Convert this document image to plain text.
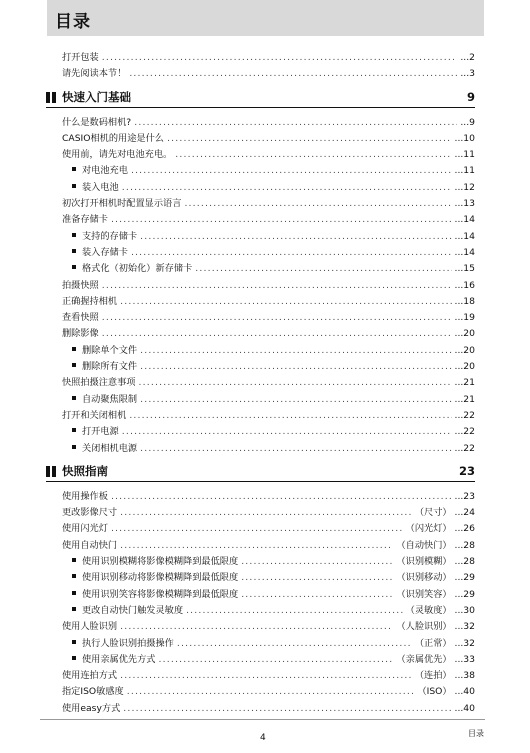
目录
打开包装 .....	...2
请先阅读本节！ .....	...3
快速入门基础	9
什么是数码相机? .....	...9
CASIO相机的用途是什么 .....	...10
使用前，请先对电池充电。 .....	...11
对电池充电 .....	...11
装入电池 .....	...12
初次打开相机时配置显示语言 .....	...13
准备存储卡 .....	...14
支持的存储卡 .....	...14
装入存储卡 .....	...14
格式化（初始化）新存储卡 .....	...15
拍摄快照 .....	...16
正确握持相机 .....	...18
查看快照 .....	...19
删除影像 .....	...20
删除单个文件 .....	...20
删除所有文件 .....	...20
快照拍摄注意事项 .....	...21
自动聚焦限制 .....	...21
打开和关闭相机 .....	...22
打开电源 .....	...22
关闭相机电源 .....	...22
快照指南	23
使用操作板 .....	...23
更改影像尺寸 .....	（尺寸） ...24
使用闪光灯 .....	（闪光灯） ...26
使用自动快门 .....	（自动快门） ...28
使用识别模糊将影像模糊降到最低限度 .....	（识别模糊） ...28
使用识别移动将影像模糊降到最低限度 .....	（识别移动） ...29
使用识别笑容将影像模糊降到最低限度 .....	（识别笑容） ...29
更改自动快门触发灵敏度 .....	（灵敏度） ...30
使用人脸识别 .....	（人脸识别） ...32
执行人脸识别拍摄操作 .....	（正常） ...32
使用亲属优先方式 .....	（亲属优先） ...33
使用连拍方式 .....	（连拍） ...38
指定ISO敏感度 .....	（ISO） ...40
使用easy方式 .....	...40
4	目录
